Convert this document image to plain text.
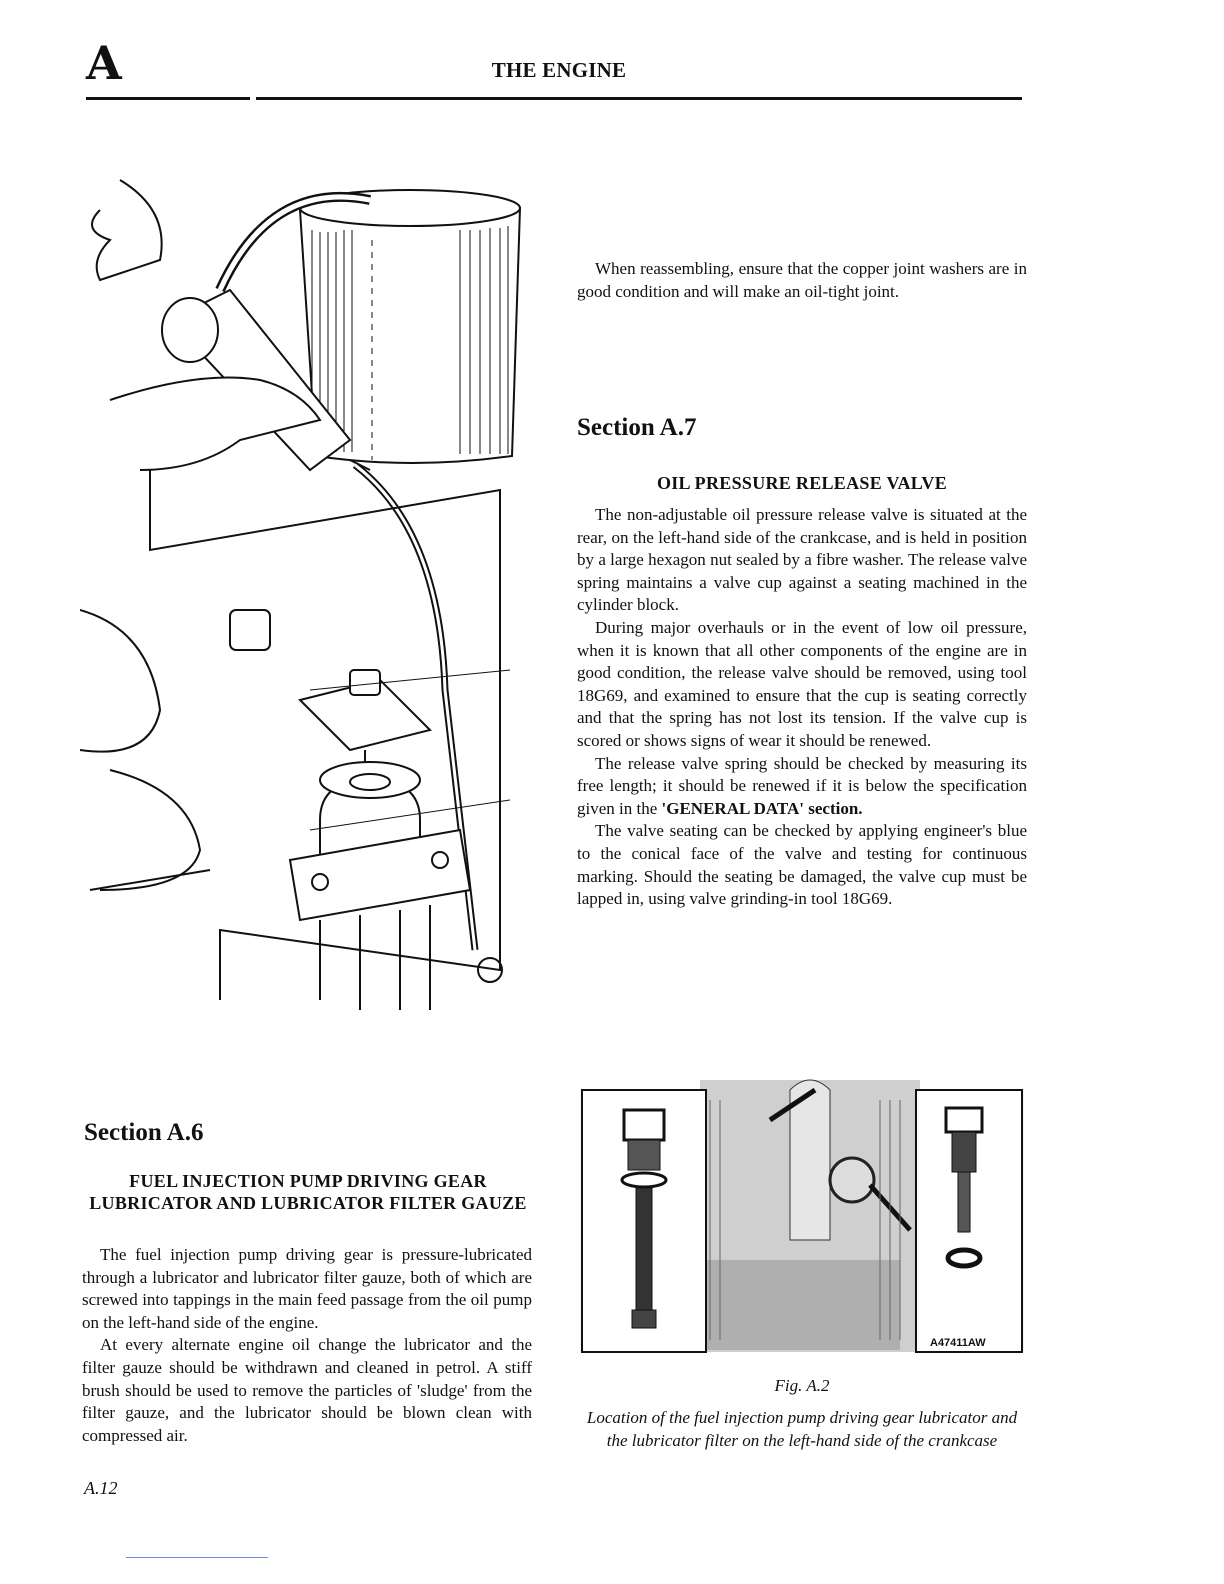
A	THE ENGINE

When reassembling, ensure that the copper joint washers are in good condition and will make an oil-tight joint.

Section A.7
OIL PRESSURE RELEASE VALVE

The non-adjustable oil pressure release valve is situated at the rear, on the left-hand side of the crankcase, and is held in position by a large hexagon nut sealed by a fibre washer. The release valve spring maintains a valve cup against a seating machined in the cylinder block.

During major overhauls or in the event of low oil pressure, when it is known that all other components of the engine are in good condition, the release valve should be removed, using tool 18G69, and examined to ensure that the cup is seating correctly and that the spring has not lost its tension. If the valve cup is scored or shows signs of wear it should be renewed.

The release valve spring should be checked by measuring its free length; it should be renewed if it is below the specification given in the 'GENERAL DATA' section.

The valve seating can be checked by applying engineer's blue to the conical face of the valve and testing for continuous marking. Should the seating be damaged, the valve cup must be lapped in, using valve grinding-in tool 18G69.

A47411AW
Fig. A.2
Location of the fuel injection pump driving gear lubricator and the lubricator filter on the left-hand side of the crankcase
Section A.6
FUEL INJECTION PUMP DRIVING GEAR LUBRICATOR AND LUBRICATOR FILTER GAUZE

The fuel injection pump driving gear is pressure-lubricated through a lubricator and lubricator filter gauze, both of which are screwed into tappings in the main feed passage from the oil pump on the left-hand side of the engine.

At every alternate engine oil change the lubricator and the filter gauze should be withdrawn and cleaned in petrol. A stiff brush should be used to remove the particles of 'sludge' from the filter gauze, and the lubricator should be blown clean with compressed air.

A.12
